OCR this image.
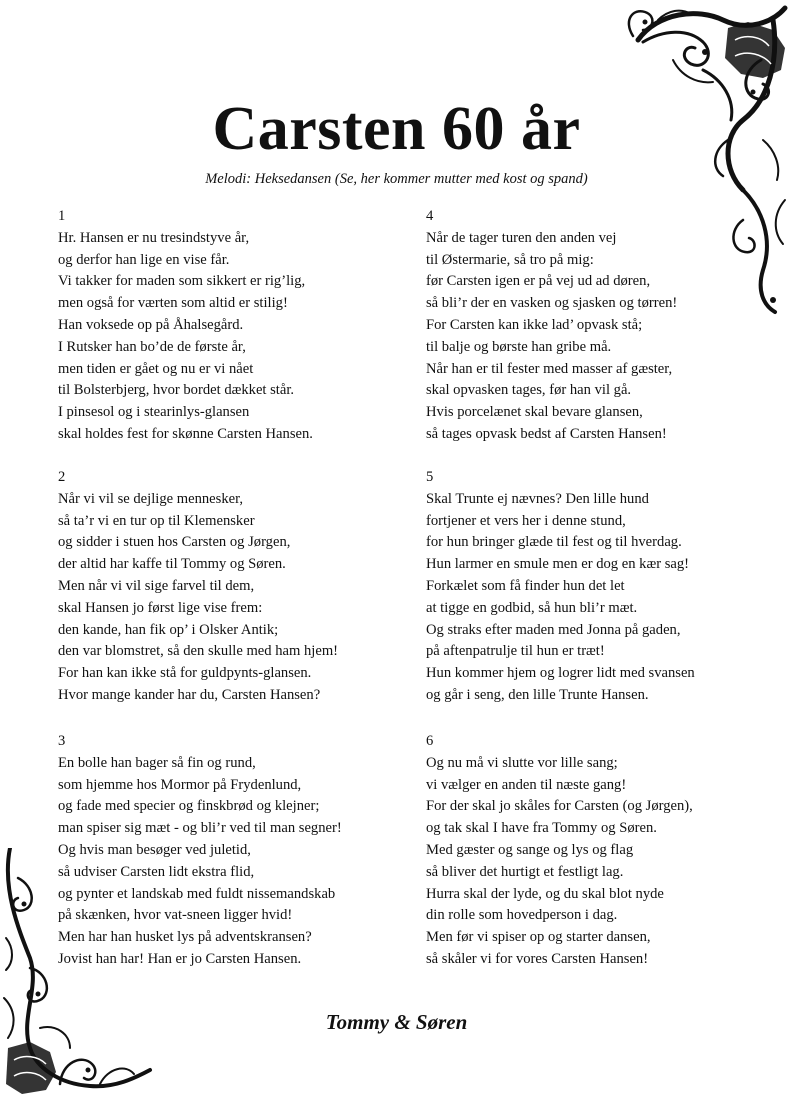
Carsten 60 år
Melodi: Heksedansen (Se, her kommer mutter med kost og spand)
1
Hr. Hansen er nu tresindstyve år,
og derfor han lige en vise får.
Vi takker for maden som sikkert er rig’lig,
men også for værten som altid er stilig!
Han voksede op på Åhalsegård.
I Rutsker han bo’de de første år,
men tiden er gået og nu er vi nået
til Bolsterbjerg, hvor bordet dækket står.
I pinsesol og i stearinlys-glansen
skal holdes fest for skønne Carsten Hansen.
2
Når vi vil se dejlige mennesker,
så ta’r vi en tur op til Klemensker
og sidder i stuen hos Carsten og Jørgen,
der altid har kaffe til Tommy og Søren.
Men når vi vil sige farvel til dem,
skal Hansen jo først lige vise frem:
den kande, han fik op’ i Olsker Antik;
den var blomstret, så den skulle med ham hjem!
For han kan ikke stå for guldpynts-glansen.
Hvor mange kander har du, Carsten Hansen?
3
En bolle han bager så fin og rund,
som hjemme hos Mormor på Frydenlund,
og fade med specier og finskbrød og klejner;
man spiser sig mæt - og bli’r ved til man segner!
Og hvis man besøger ved juletid,
så udviser Carsten lidt ekstra flid,
og pynter et landskab med fuldt nissemandskab
på skænken, hvor vat-sneen ligger hvid!
Men har han husket lys på adventskransen?
Jovist han har! Han er jo Carsten Hansen.
4
Når de tager turen den anden vej
til Østermarie, så tro på mig:
før Carsten igen er på vej ud ad døren,
så bli’r der en vasken og sjasken og tørren!
For Carsten kan ikke lad’ opvask stå;
til balje og børste han gribe må.
Når han er til fester med masser af gæster,
skal opvasken tages, før han vil gå.
Hvis porcelænet skal bevare glansen,
så tages opvask bedst af Carsten Hansen!
5
Skal Trunte ej nævnes? Den lille hund
fortjener et vers her i denne stund,
for hun bringer glæde til fest og til hverdag.
Hun larmer en smule men er dog en kær sag!
Forkælet som få finder hun det let
at tigge en godbid, så hun bli’r mæt.
Og straks efter maden med Jonna på gaden,
på aftenpatrulje til hun er træt!
Hun kommer hjem og logrer lidt med svansen
og går i seng, den lille Trunte Hansen.
6
Og nu må vi slutte vor lille sang;
vi vælger en anden til næste gang!
For der skal jo skåles for Carsten (og Jørgen),
og tak skal I have fra Tommy og Søren.
Med gæster og sange og lys og flag
så bliver det hurtigt et festligt lag.
Hurra skal der lyde, og du skal blot nyde
din rolle som hovedperson i dag.
Men før vi spiser op og starter dansen,
så skåler vi for vores Carsten Hansen!
Tommy & Søren
